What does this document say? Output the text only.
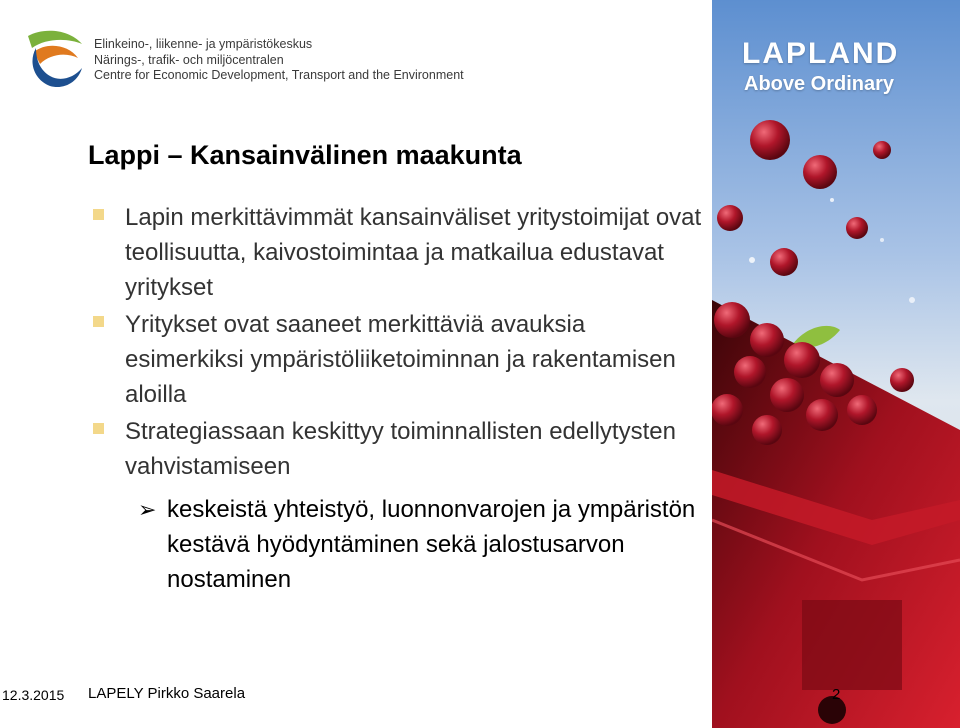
Elinkeino-, liikenne- ja ympäristökeskus
Närings-, trafik- och miljöcentralen
Centre for Economic Development, Transport and the Environment
LAPLAND
Above Ordinary
Lappi – Kansainvälinen maakunta
Lapin merkittävimmät kansainväliset yritystoimijat ovat teollisuutta, kaivostoimintaa ja matkailua edustavat yritykset
Yritykset ovat saaneet merkittäviä avauksia esimerkiksi ympäristöliiketoiminnan ja rakentamisen aloilla
Strategiassaan keskittyy toiminnallisten edellytysten vahvistamiseen
➢ keskeistä yhteistyö, luonnonvarojen ja ympäristön kestävä hyödyntäminen sekä jalostusarvon nostaminen
12.3.2015 LAPELY Pirkko Saarela	2
